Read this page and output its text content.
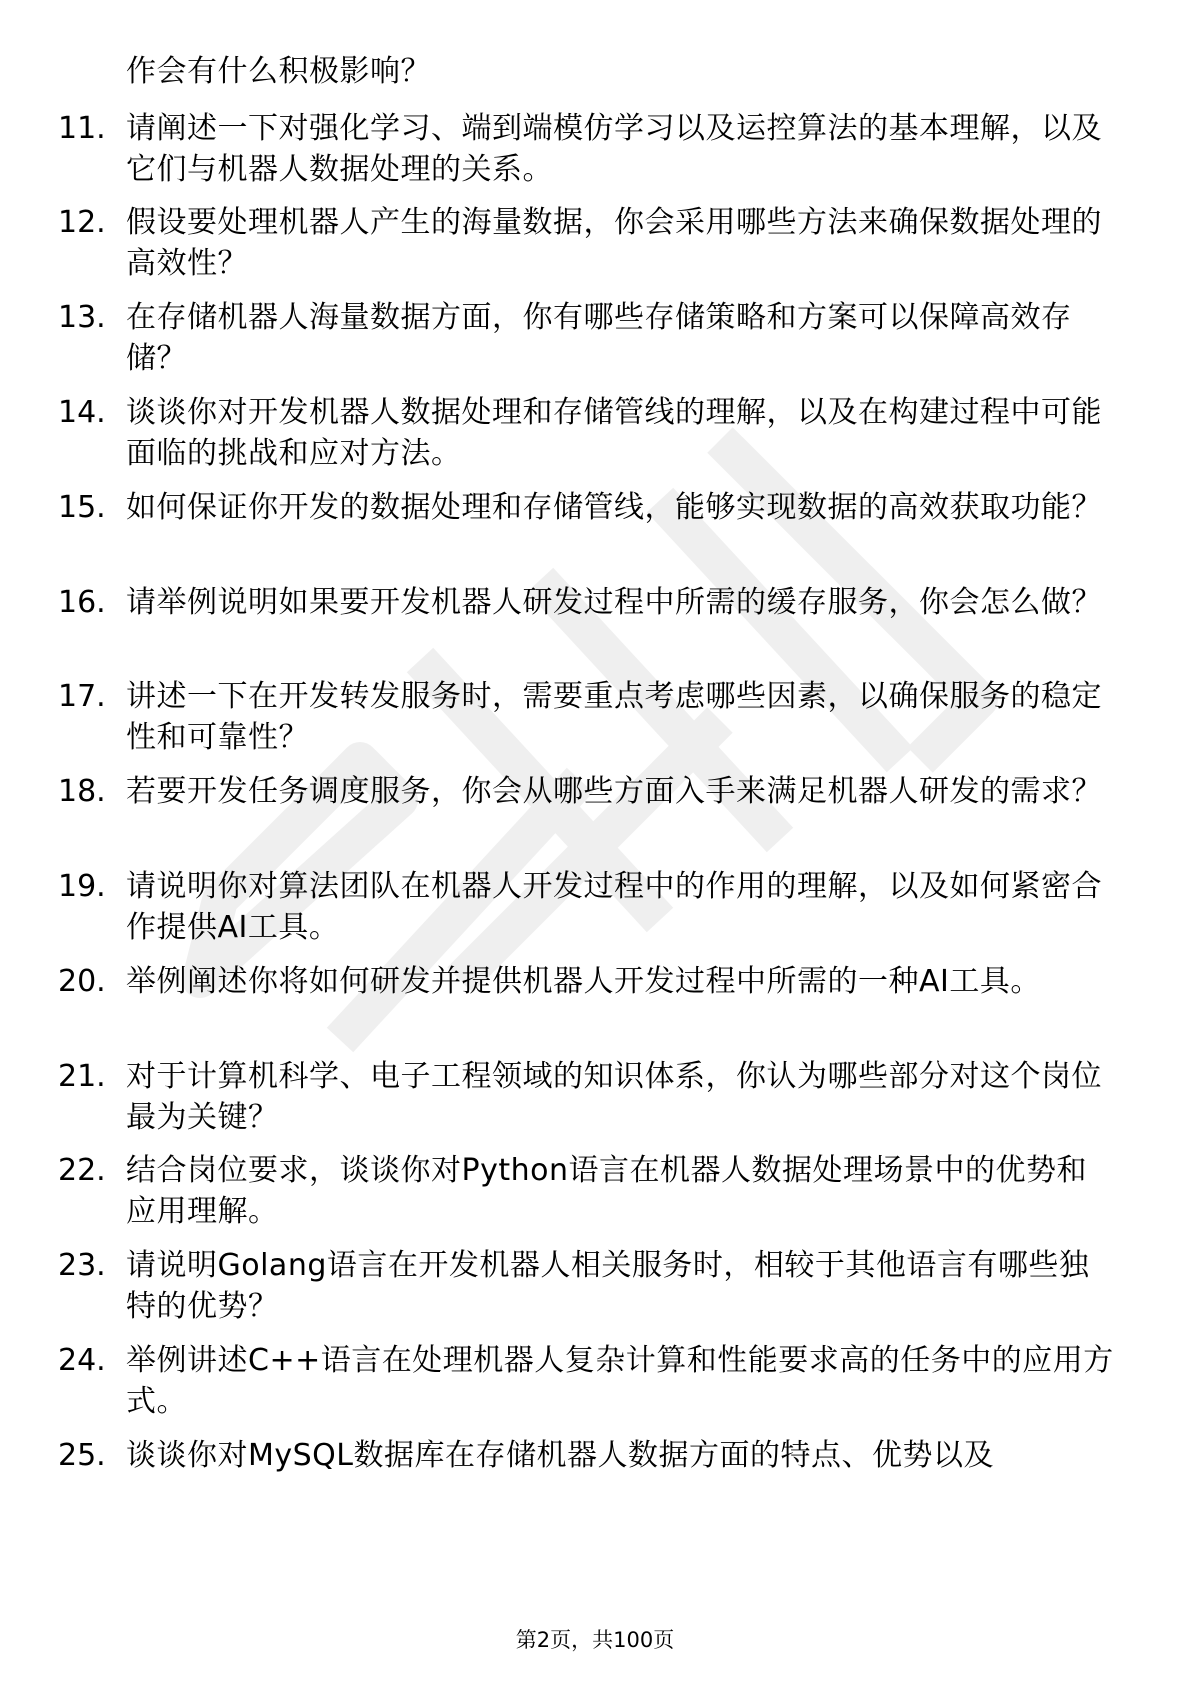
作会有什么积极影响？
11. 请阐述一下对强化学习、端到端模仿学习以及运控算法的基本理解，以及它们与机器人数据处理的关系。
12. 假设要处理机器人产生的海量数据，你会采用哪些方法来确保数据处理的高效性？
13. 在存储机器人海量数据方面，你有哪些存储策略和方案可以保障高效存储？
14. 谈谈你对开发机器人数据处理和存储管线的理解，以及在构建过程中可能面临的挑战和应对方法。
15. 如何保证你开发的数据处理和存储管线，能够实现数据的高效获取功能？
16. 请举例说明如果要开发机器人研发过程中所需的缓存服务，你会怎么做？
17. 讲述一下在开发转发服务时，需要重点考虑哪些因素，以确保服务的稳定性和可靠性？
18. 若要开发任务调度服务，你会从哪些方面入手来满足机器人研发的需求？
19. 请说明你对算法团队在机器人开发过程中的作用的理解，以及如何紧密合作提供AI工具。
20. 举例阐述你将如何研发并提供机器人开发过程中所需的一种AI工具。
21. 对于计算机科学、电子工程领域的知识体系，你认为哪些部分对这个岗位最为关键？
22. 结合岗位要求，谈谈你对Python语言在机器人数据处理场景中的优势和应用理解。
23. 请说明Golang语言在开发机器人相关服务时，相较于其他语言有哪些独特的优势？
24. 举例讲述C++语言在处理机器人复杂计算和性能要求高的任务中的应用方式。
25. 谈谈你对MySQL数据库在存储机器人数据方面的特点、优势以及
第2页，共100页
